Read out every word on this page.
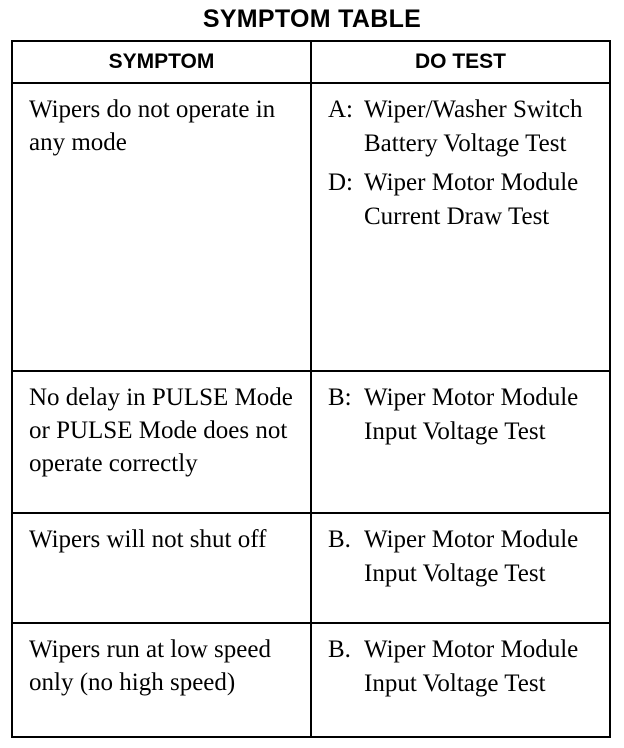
SYMPTOM TABLE
SYMPTOM	DO TEST

Wipers do not operate in any mode	A: Wiper/Washer Switch Battery Voltage Test
D: Wiper Motor Module Current Draw Test

No delay in PULSE Mode or PULSE Mode does not operate correctly	B: Wiper Motor Module Input Voltage Test

Wipers will not shut off	B. Wiper Motor Module Input Voltage Test

Wipers run at low speed only (no high speed)	B. Wiper Motor Module Input Voltage Test
